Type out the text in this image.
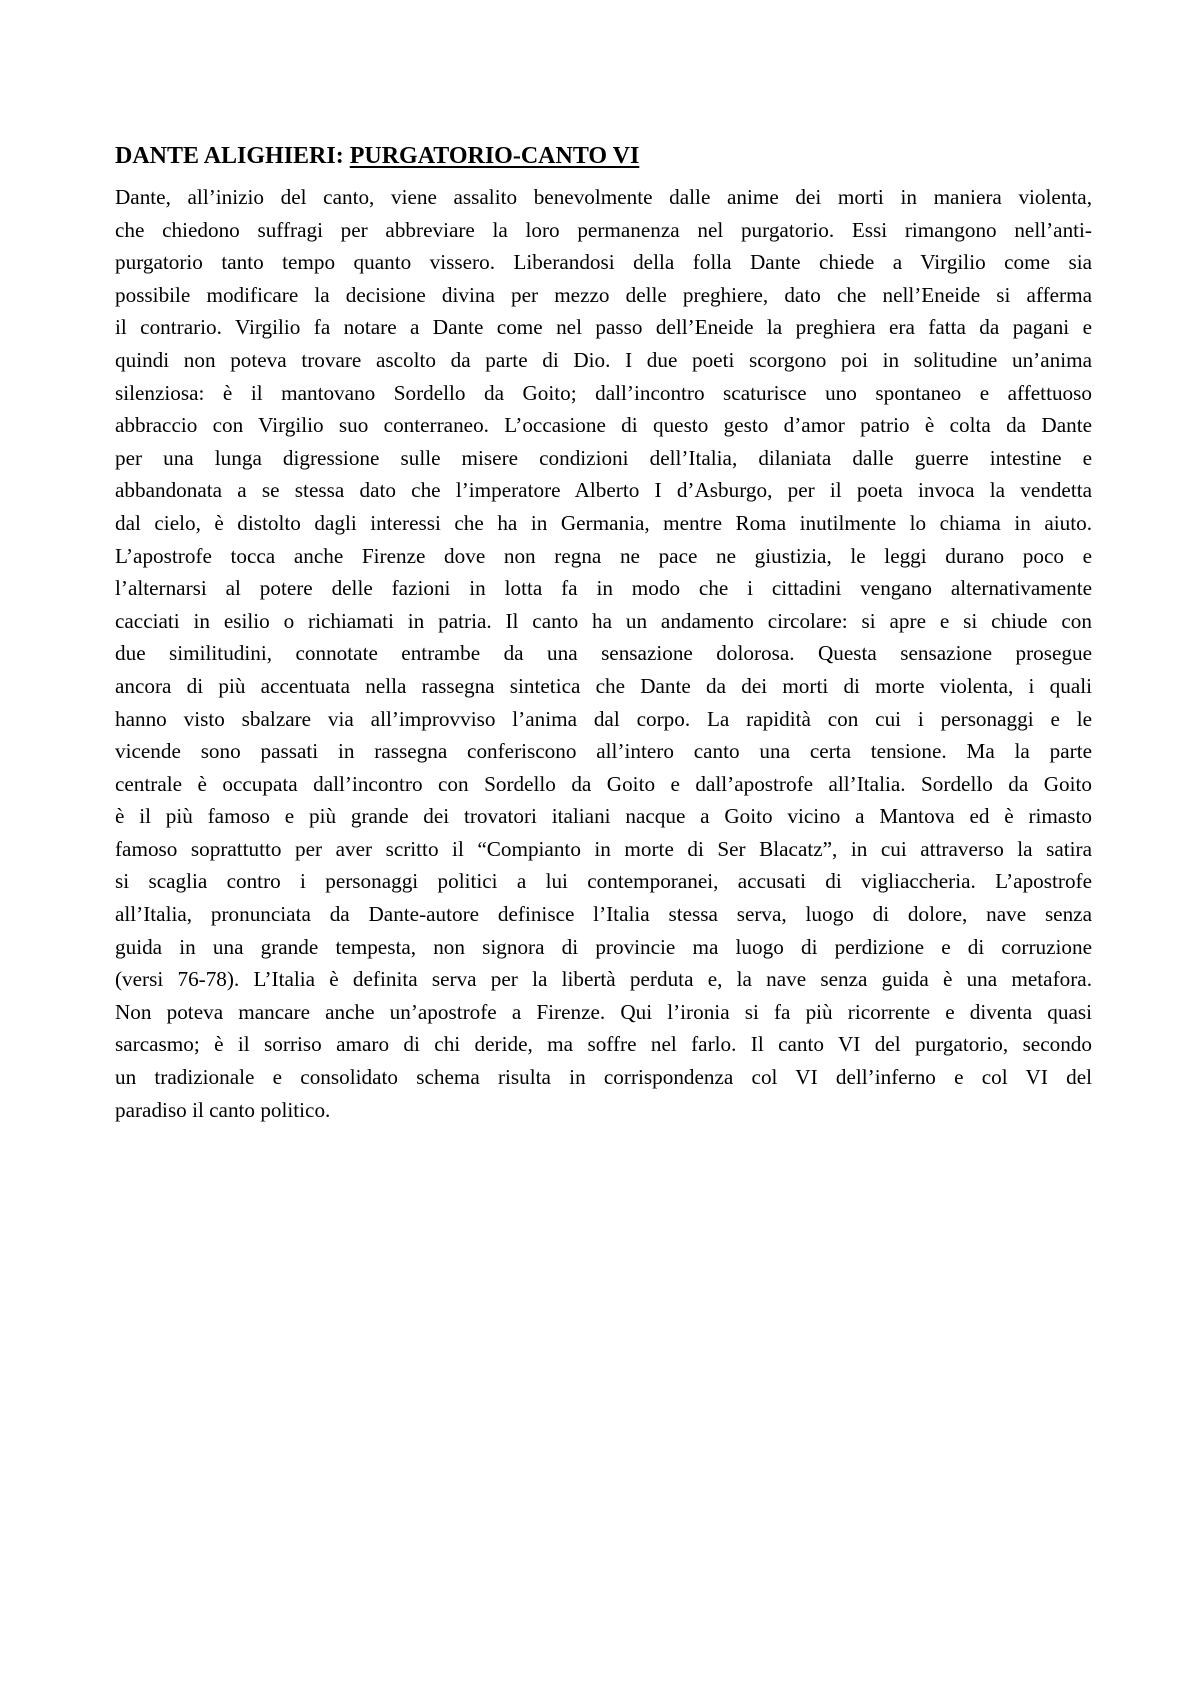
DANTE ALIGHIERI: PURGATORIO-CANTO VI

Dante, all’inizio del canto, viene assalito benevolmente dalle anime dei morti in maniera violenta,
che chiedono suffragi per abbreviare la loro permanenza nel purgatorio. Essi rimangono nell’anti-
purgatorio tanto tempo quanto vissero. Liberandosi della folla Dante chiede a Virgilio come sia
possibile modificare la decisione divina per mezzo delle preghiere, dato che nell’Eneide si afferma
il contrario. Virgilio fa notare a Dante come nel passo dell’Eneide la preghiera era fatta da pagani e
quindi non poteva trovare ascolto da parte di Dio. I due poeti scorgono poi in solitudine un’anima
silenziosa: è il mantovano Sordello da Goito; dall’incontro scaturisce uno spontaneo e affettuoso
abbraccio con Virgilio suo conterraneo. L’occasione di questo gesto d’amor patrio è colta da Dante
per una lunga digressione sulle misere condizioni dell’Italia, dilaniata dalle guerre intestine e
abbandonata a se stessa dato che l’imperatore Alberto I d’Asburgo, per il poeta invoca la vendetta
dal cielo, è distolto dagli interessi che ha in Germania, mentre Roma inutilmente lo chiama in aiuto.
L’apostrofe tocca anche Firenze dove non regna ne pace ne giustizia, le leggi durano poco e
l’alternarsi al potere delle fazioni in lotta fa in modo che i cittadini vengano alternativamente
cacciati in esilio o richiamati in patria. Il canto ha un andamento circolare: si apre e si chiude con
due similitudini, connotate entrambe da una sensazione dolorosa. Questa sensazione prosegue
ancora di più accentuata nella rassegna sintetica che Dante da dei morti di morte violenta, i quali
hanno visto sbalzare via all’improvviso l’anima dal corpo. La rapidità con cui i personaggi e le
vicende sono passati in rassegna conferiscono all’intero canto una certa tensione. Ma la parte
centrale è occupata dall’incontro con Sordello da Goito e dall’apostrofe all’Italia. Sordello da Goito
è il più famoso e più grande dei trovatori italiani nacque a Goito vicino a Mantova ed è rimasto
famoso soprattutto per aver scritto il “Compianto in morte di Ser Blacatz”, in cui attraverso la satira
si scaglia contro i personaggi politici a lui contemporanei, accusati di vigliaccheria. L’apostrofe
all’Italia, pronunciata da Dante-autore definisce l’Italia stessa serva, luogo di dolore, nave senza
guida in una grande tempesta, non signora di provincie ma luogo di perdizione e di corruzione
(versi 76-78). L’Italia è definita serva per la libertà perduta e, la nave senza guida è una metafora.
Non poteva mancare anche un’apostrofe a Firenze. Qui l’ironia si fa più ricorrente e diventa quasi
sarcasmo; è il sorriso amaro di chi deride, ma soffre nel farlo. Il canto VI del purgatorio, secondo
un tradizionale e consolidato schema risulta in corrispondenza col VI dell’inferno e col VI del
paradiso il canto politico.
